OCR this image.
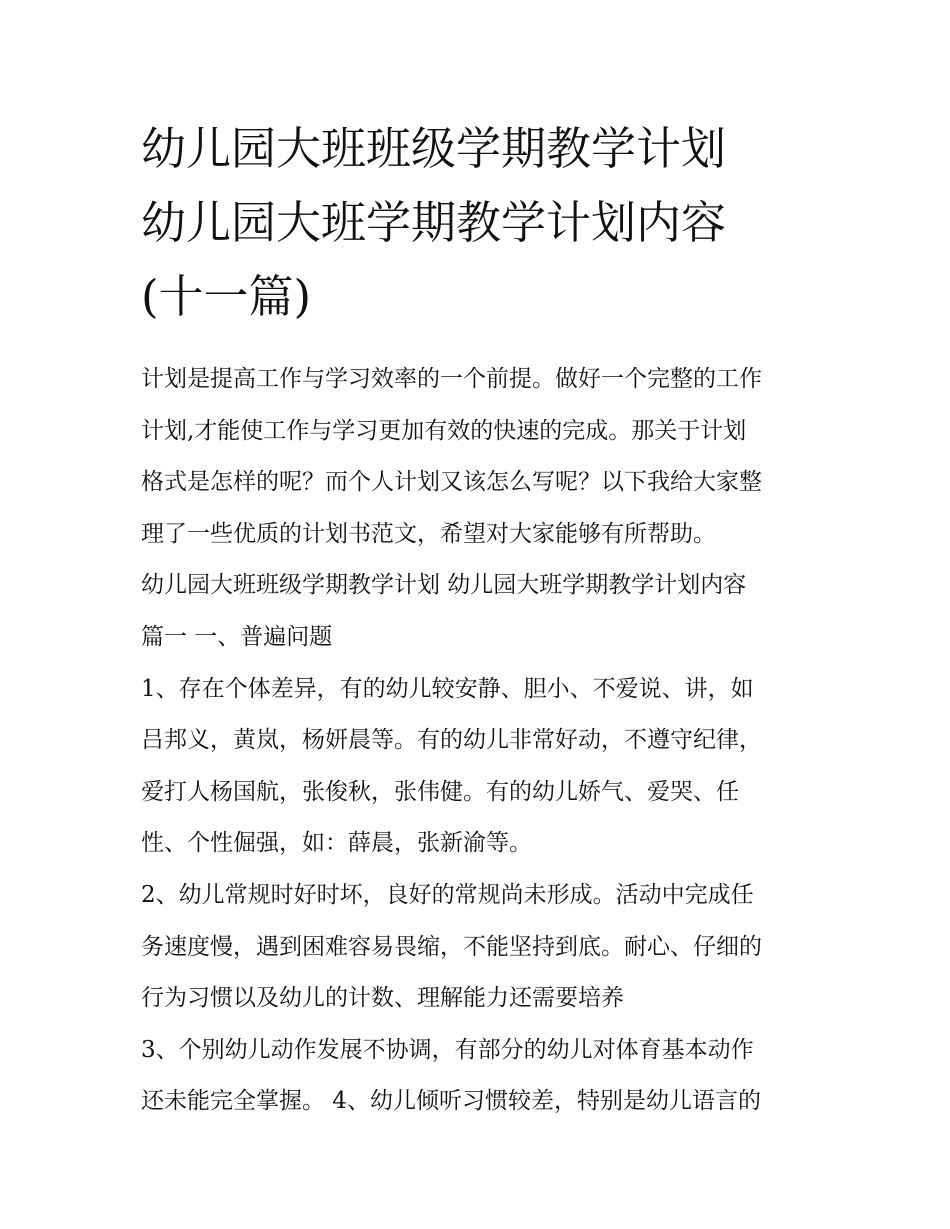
幼儿园大班班级学期教学计划
幼儿园大班学期教学计划内容
(十一篇)
计划是提高工作与学习效率的一个前提。做好一个完整的工作
计划,才能使工作与学习更加有效的快速的完成。那关于计划
格式是怎样的呢？而个人计划又该怎么写呢？以下我给大家整
理了一些优质的计划书范文，希望对大家能够有所帮助。
幼儿园大班班级学期教学计划 幼儿园大班学期教学计划内容
篇一 一、普遍问题
1、存在个体差异，有的幼儿较安静、胆小、不爱说、讲，如
吕邦义，黄岚，杨妍晨等。有的幼儿非常好动，不遵守纪律，
爱打人杨国航，张俊秋，张伟健。有的幼儿娇气、爱哭、任
性、个性倔强，如：薛晨，张新渝等。
2、幼儿常规时好时坏，良好的常规尚未形成。活动中完成任
务速度慢，遇到困难容易畏缩，不能坚持到底。耐心、仔细的
行为习惯以及幼儿的计数、理解能力还需要培养
3、个别幼儿动作发展不协调，有部分的幼儿对体育基本动作
还未能完全掌握。 4、幼儿倾听习惯较差，特别是幼儿语言的
